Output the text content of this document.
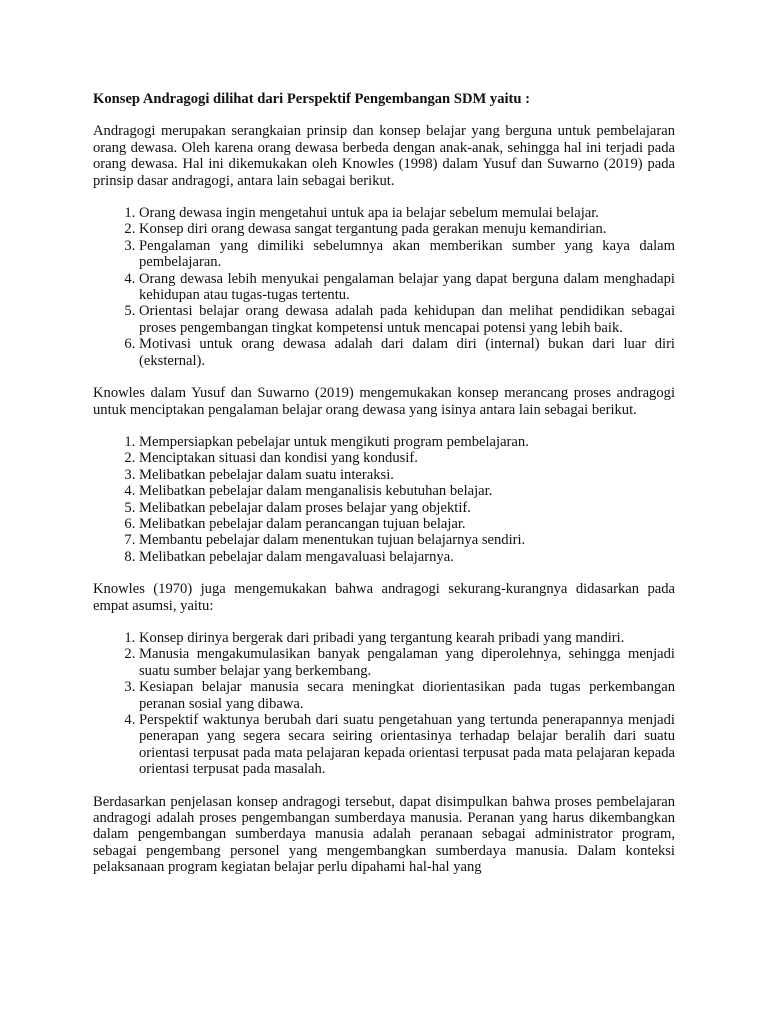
Konsep Andragogi dilihat dari Perspektif Pengembangan SDM yaitu :

Andragogi merupakan serangkaian prinsip dan konsep belajar yang berguna untuk pembelajaran orang dewasa. Oleh karena orang dewasa berbeda dengan anak-anak, sehingga hal ini terjadi pada orang dewasa. Hal ini dikemukakan oleh Knowles (1998) dalam Yusuf dan Suwarno (2019) pada prinsip dasar andragogi, antara lain sebagai berikut.

1. Orang dewasa ingin mengetahui untuk apa ia belajar sebelum memulai belajar.
2. Konsep diri orang dewasa sangat tergantung pada gerakan menuju kemandirian.
3. Pengalaman yang dimiliki sebelumnya akan memberikan sumber yang kaya dalam pembelajaran.
4. Orang dewasa lebih menyukai pengalaman belajar yang dapat berguna dalam menghadapi kehidupan atau tugas-tugas tertentu.
5. Orientasi belajar orang dewasa adalah pada kehidupan dan melihat pendidikan sebagai proses pengembangan tingkat kompetensi untuk mencapai potensi yang lebih baik.
6. Motivasi untuk orang dewasa adalah dari dalam diri (internal) bukan dari luar diri (eksternal).

Knowles dalam Yusuf dan Suwarno (2019) mengemukakan konsep merancang proses andragogi untuk menciptakan pengalaman belajar orang dewasa yang isinya antara lain sebagai berikut.

1. Mempersiapkan pebelajar untuk mengikuti program pembelajaran.
2. Menciptakan situasi dan kondisi yang kondusif.
3. Melibatkan pebelajar dalam suatu interaksi.
4. Melibatkan pebelajar dalam menganalisis kebutuhan belajar.
5. Melibatkan pebelajar dalam proses belajar yang objektif.
6. Melibatkan pebelajar dalam perancangan tujuan belajar.
7. Membantu pebelajar dalam menentukan tujuan belajarnya sendiri.
8. Melibatkan pebelajar dalam mengavaluasi belajarnya.

Knowles (1970) juga mengemukakan bahwa andragogi sekurang-kurangnya didasarkan pada empat asumsi, yaitu:

1. Konsep dirinya bergerak dari pribadi yang tergantung kearah pribadi yang mandiri.
2. Manusia mengakumulasikan banyak pengalaman yang diperolehnya, sehingga menjadi suatu sumber belajar yang berkembang.
3. Kesiapan belajar manusia secara meningkat diorientasikan pada tugas perkembangan peranan sosial yang dibawa.
4. Perspektif waktunya berubah dari suatu pengetahuan yang tertunda penerapannya menjadi penerapan yang segera secara seiring orientasinya terhadap belajar beralih dari suatu orientasi terpusat pada mata pelajaran kepada orientasi terpusat pada mata pelajaran kepada orientasi terpusat pada masalah.

Berdasarkan penjelasan konsep andragogi tersebut, dapat disimpulkan bahwa proses pembelajaran andragogi adalah proses pengembangan sumberdaya manusia. Peranan yang harus dikembangkan dalam pengembangan sumberdaya manusia adalah peranaan sebagai administrator program, sebagai pengembang personel yang mengembangkan sumberdaya manusia. Dalam konteksi pelaksanaan program kegiatan belajar perlu dipahami hal-hal yang
